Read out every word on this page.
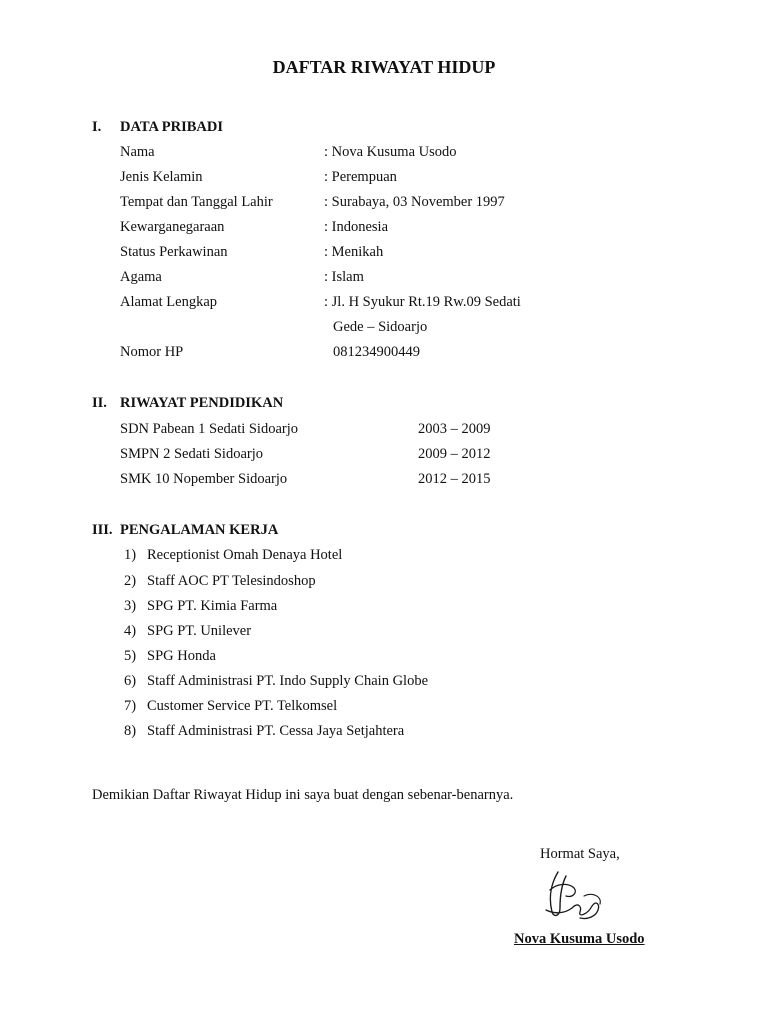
DAFTAR RIWAYAT HIDUP
I. DATA PRIBADI
Nama	: Nova Kusuma Usodo
Jenis Kelamin	: Perempuan
Tempat dan Tanggal Lahir	: Surabaya, 03 November 1997
Kewarganegaraan	: Indonesia
Status Perkawinan	: Menikah
Agama	: Islam
Alamat Lengkap	: Jl. H Syukur Rt.19 Rw.09 Sedati
Gede – Sidoarjo
Nomor HP	081234900449
II. RIWAYAT PENDIDIKAN
SDN Pabean 1 Sedati Sidoarjo	2003 – 2009
SMPN 2 Sedati Sidoarjo	2009 – 2012
SMK 10 Nopember Sidoarjo	2012 – 2015
III. PENGALAMAN KERJA
1) Receptionist Omah Denaya Hotel
2) Staff AOC PT Telesindoshop
3) SPG PT. Kimia Farma
4) SPG PT. Unilever
5) SPG Honda
6) Staff Administrasi PT. Indo Supply Chain Globe
7) Customer Service PT. Telkomsel
8) Staff Administrasi PT. Cessa Jaya Setjahtera
Demikian Daftar Riwayat Hidup ini saya buat dengan sebenar-benarnya.
Hormat Saya,
Nova Kusuma Usodo
